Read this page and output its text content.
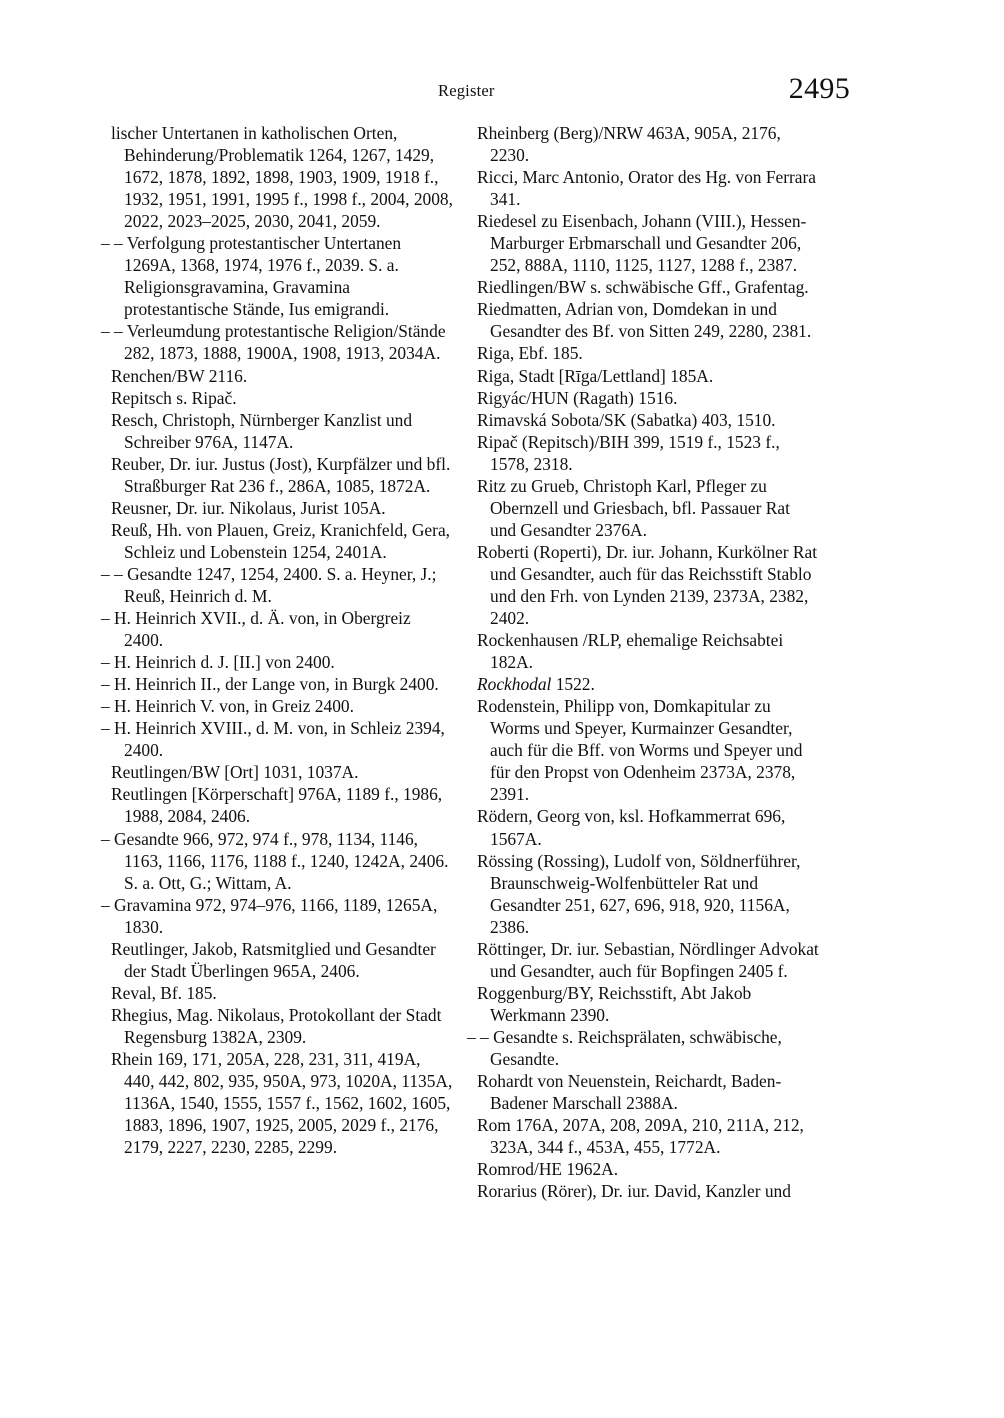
Register	2495

lischer Untertanen in katholischen Orten, Behinderung/Problematik 1264, 1267, 1429, 1672, 1878, 1892, 1898, 1903, 1909, 1918 f., 1932, 1951, 1991, 1995 f., 1998 f., 2004, 2008, 2022, 2023–2025, 2030, 2041, 2059.

– – Verfolgung protestantischer Untertanen 1269A, 1368, 1974, 1976 f., 2039. S. a. Religionsgravamina, Gravamina protestantische Stände, Ius emigrandi.

– – Verleumdung protestantische Religion/Stände 282, 1873, 1888, 1900A, 1908, 1913, 2034A.

Renchen/BW 2116.

Repitsch s. Ripač.

Resch, Christoph, Nürnberger Kanzlist und Schreiber 976A, 1147A.

Reuber, Dr. iur. Justus (Jost), Kurpfälzer und bfl. Straßburger Rat 236 f., 286A, 1085, 1872A.

Reusner, Dr. iur. Nikolaus, Jurist 105A.

Reuß, Hh. von Plauen, Greiz, Kranichfeld, Gera, Schleiz und Lobenstein 1254, 2401A.

– – Gesandte 1247, 1254, 2400. S. a. Heyner, J.; Reuß, Heinrich d. M.

– H. Heinrich XVII., d. Ä. von, in Obergreiz 2400.

– H. Heinrich d. J. [II.] von 2400.

– H. Heinrich II., der Lange von, in Burgk 2400.

– H. Heinrich V. von, in Greiz 2400.

– H. Heinrich XVIII., d. M. von, in Schleiz 2394, 2400.

Reutlingen/BW [Ort] 1031, 1037A.

Reutlingen [Körperschaft] 976A, 1189 f., 1986, 1988, 2084, 2406.

– Gesandte 966, 972, 974 f., 978, 1134, 1146, 1163, 1166, 1176, 1188 f., 1240, 1242A, 2406. S. a. Ott, G.; Wittam, A.

– Gravamina 972, 974–976, 1166, 1189, 1265A, 1830.

Reutlinger, Jakob, Ratsmitglied und Gesandter der Stadt Überlingen 965A, 2406.

Reval, Bf. 185.

Rhegius, Mag. Nikolaus, Protokollant der Stadt Regensburg 1382A, 2309.

Rhein 169, 171, 205A, 228, 231, 311, 419A, 440, 442, 802, 935, 950A, 973, 1020A, 1135A, 1136A, 1540, 1555, 1557 f., 1562, 1602, 1605, 1883, 1896, 1907, 1925, 2005, 2029 f., 2176, 2179, 2227, 2230, 2285, 2299.

Rheinberg (Berg)/NRW 463A, 905A, 2176, 2230.

Ricci, Marc Antonio, Orator des Hg. von Ferrara 341.

Riedesel zu Eisenbach, Johann (VIII.), Hessen-Marburger Erbmarschall und Gesandter 206, 252, 888A, 1110, 1125, 1127, 1288 f., 2387.

Riedlingen/BW s. schwäbische Gff., Grafentag.

Riedmatten, Adrian von, Domdekan in und Gesandter des Bf. von Sitten 249, 2280, 2381.

Riga, Ebf. 185.

Riga, Stadt [Rīga/Lettland] 185A.

Rigyác/HUN (Ragath) 1516.

Rimavská Sobota/SK (Sabatka) 403, 1510.

Ripač (Repitsch)/BIH 399, 1519 f., 1523 f., 1578, 2318.

Ritz zu Grueb, Christoph Karl, Pfleger zu Obernzell und Griesbach, bfl. Passauer Rat und Gesandter 2376A.

Roberti (Roperti), Dr. iur. Johann, Kurkölner Rat und Gesandter, auch für das Reichsstift Stablo und den Frh. von Lynden 2139, 2373A, 2382, 2402.

Rockenhausen /RLP, ehemalige Reichsabtei 182A.

Rockhodal 1522.

Rodenstein, Philipp von, Domkapitular zu Worms und Speyer, Kurmainzer Gesandter, auch für die Bff. von Worms und Speyer und für den Propst von Odenheim 2373A, 2378, 2391.

Rödern, Georg von, ksl. Hofkammerrat 696, 1567A.

Rössing (Rossing), Ludolf von, Söldnerführer, Braunschweig-Wolfenbütteler Rat und Gesandter 251, 627, 696, 918, 920, 1156A, 2386.

Röttinger, Dr. iur. Sebastian, Nördlinger Advokat und Gesandter, auch für Bopfingen 2405 f.

Roggenburg/BY, Reichsstift, Abt Jakob Werkmann 2390.

– – Gesandte s. Reichsprälaten, schwäbische, Gesandte.

Rohardt von Neuenstein, Reichardt, Baden-Badener Marschall 2388A.

Rom 176A, 207A, 208, 209A, 210, 211A, 212, 323A, 344 f., 453A, 455, 1772A.

Romrod/HE 1962A.

Rorarius (Rörer), Dr. iur. David, Kanzler und
